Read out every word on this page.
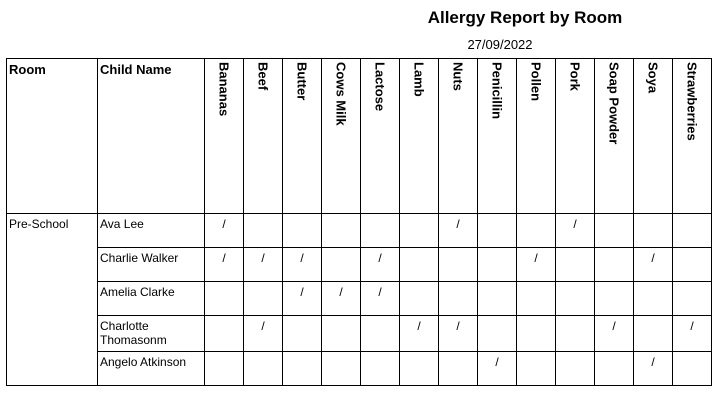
Allergy Report by Room
27/09/2022
Room	Child Name	Bananas	Beef	Butter	Cows Milk	Lactose	Lamb	Nuts	Penicillin	Pollen	Pork	Soap Powder	Soya	Strawberries

Pre-School	Ava Lee	/						/			/			
	Charlie Walker	/	/	/		/				/			/	
	Amelia Clarke			/	/	/								
	Charlotte Thomasonm		/				/	/				/		/
	Angelo Atkinson								/				/	
